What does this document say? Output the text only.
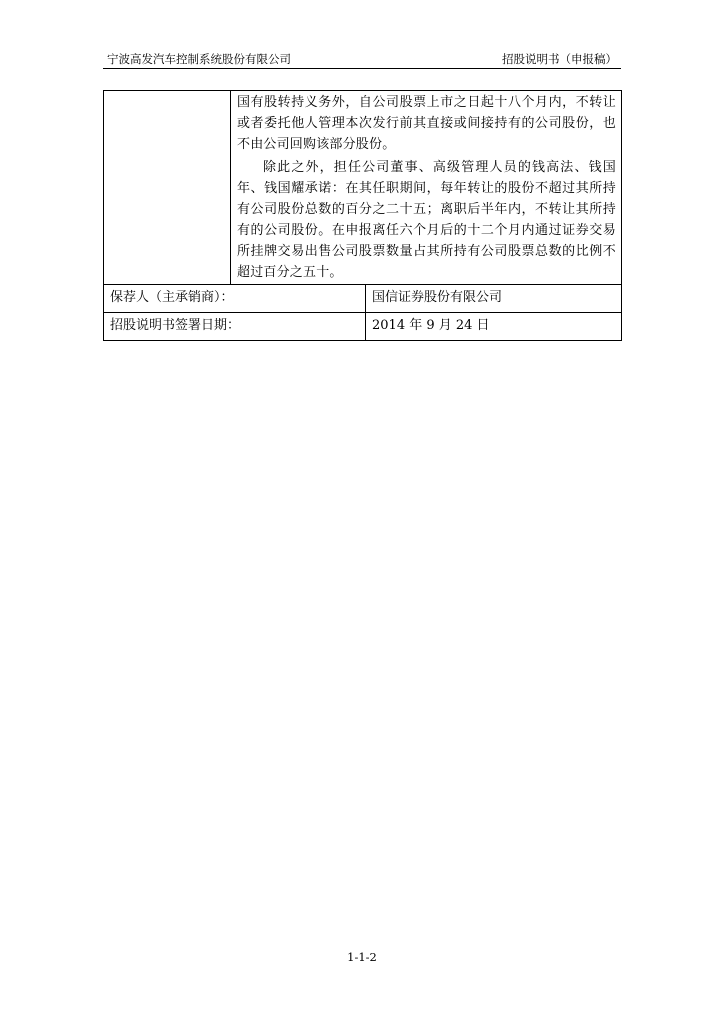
宁波高发汽车控制系统股份有限公司	招股说明书（申报稿）

	国有股转持义务外，自公司股票上市之日起十八个月内，不转让或者委托他人管理本次发行前其直接或间接持有的公司股份，也不由公司回购该部分股份。

除此之外，担任公司董事、高级管理人员的钱高法、钱国年、钱国耀承诺：在其任职期间，每年转让的股份不超过其所持有公司股份总数的百分之二十五；离职后半年内，不转让其所持有的公司股份。在申报离任六个月后的十二个月内通过证券交易所挂牌交易出售公司股票数量占其所持有公司股票总数的比例不超过百分之五十。	

保荐人（主承销商）：		国信证券股份有限公司

招股说明书签署日期：		2014 年 9 月 24 日
1-1-2
